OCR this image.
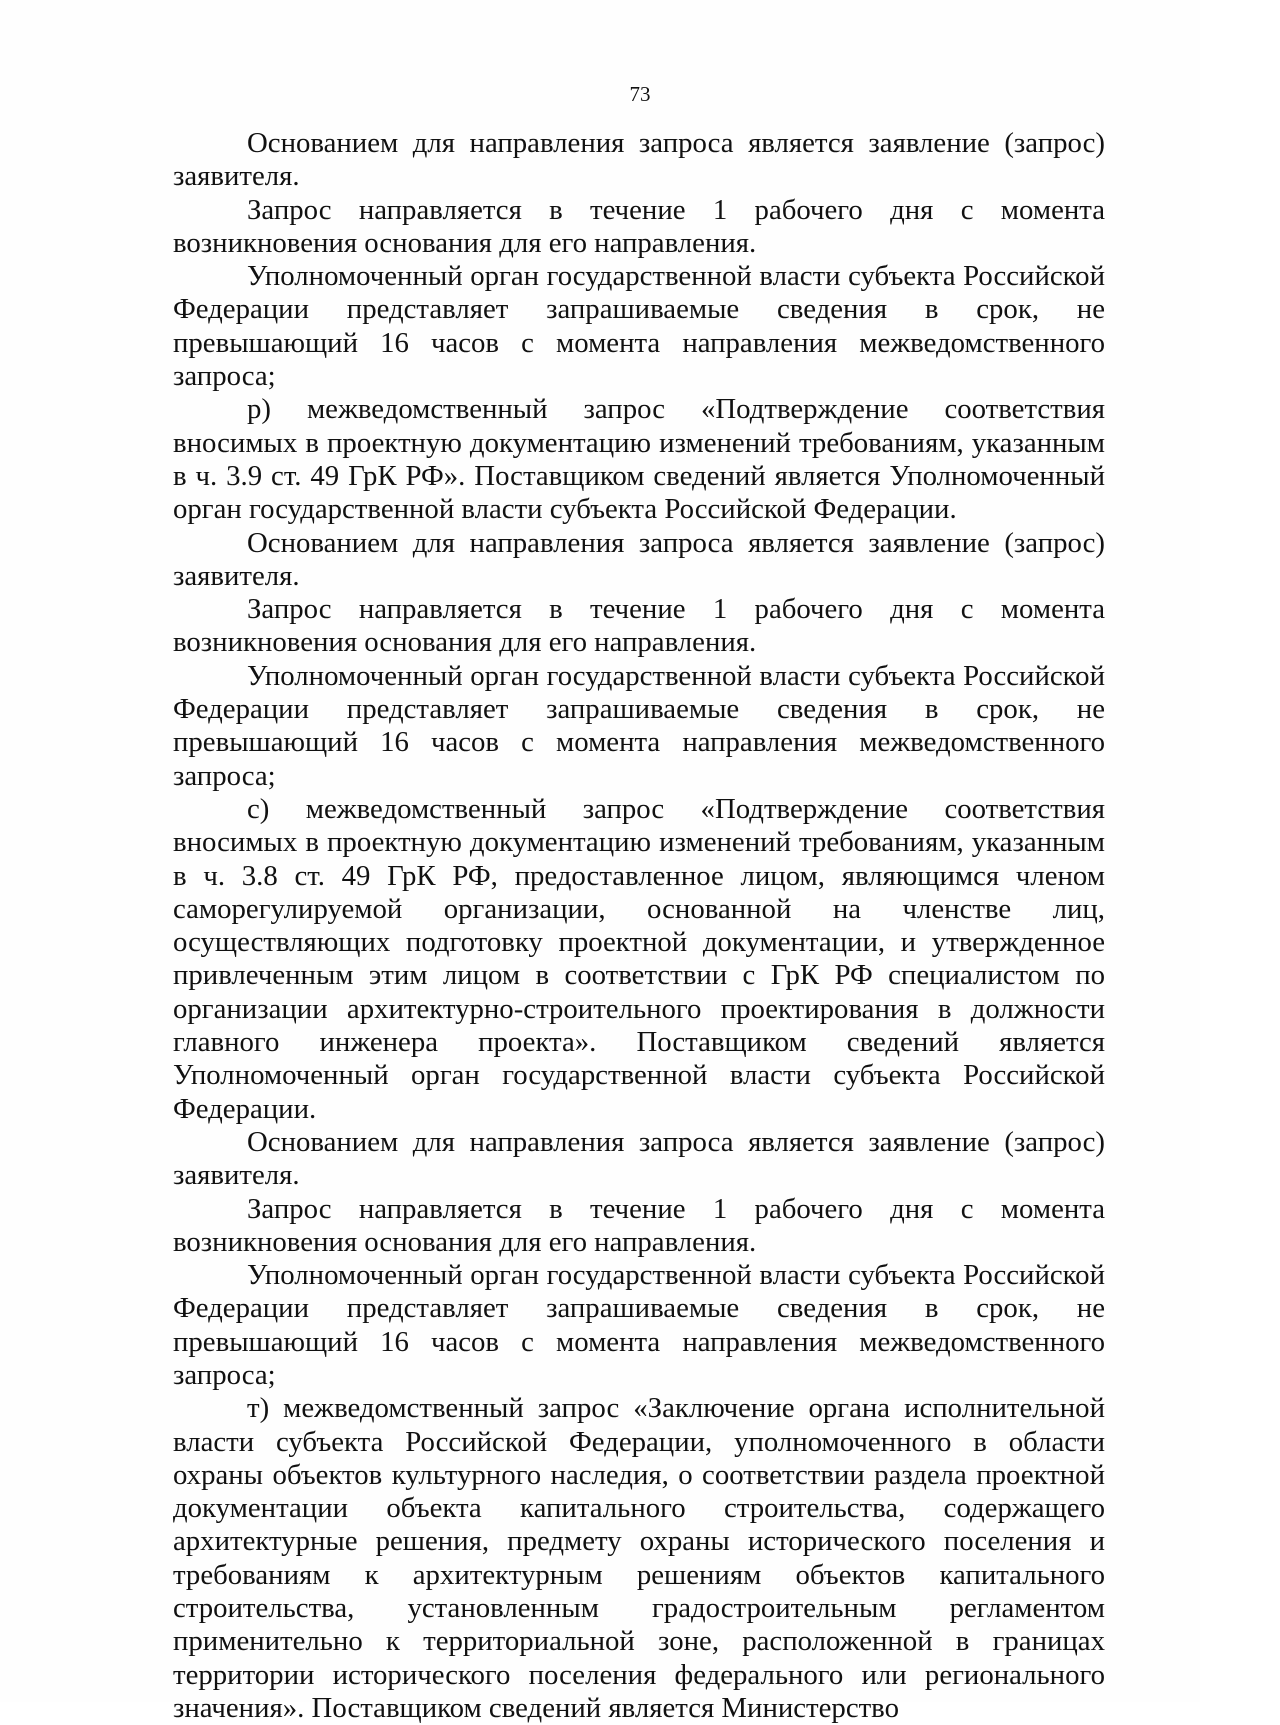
73

Основанием для направления запроса является заявление (запрос) заявителя.

Запрос направляется в течение 1 рабочего дня с момента возникновения основания для его направления.

Уполномоченный орган государственной власти субъекта Российской Федерации представляет запрашиваемые сведения в срок, не превышающий 16 часов с момента направления межведомственного запроса;

р) межведомственный запрос «Подтверждение соответствия вносимых в проектную документацию изменений требованиям, указанным в ч. 3.9 ст. 49 ГрК РФ». Поставщиком сведений является Уполномоченный орган государственной власти субъекта Российской Федерации.

Основанием для направления запроса является заявление (запрос) заявителя.

Запрос направляется в течение 1 рабочего дня с момента возникновения основания для его направления.

Уполномоченный орган государственной власти субъекта Российской Федерации представляет запрашиваемые сведения в срок, не превышающий 16 часов с момента направления межведомственного запроса;

с) межведомственный запрос «Подтверждение соответствия вносимых в проектную документацию изменений требованиям, указанным в ч. 3.8 ст. 49 ГрК РФ, предоставленное лицом, являющимся членом саморегулируемой организации, основанной на членстве лиц, осуществляющих подготовку проектной документации, и утвержденное привлеченным этим лицом в соответствии с ГрК РФ специалистом по организации архитектурно-строительного проектирования в должности главного инженера проекта». Поставщиком сведений является Уполномоченный орган государственной власти субъекта Российской Федерации.

Основанием для направления запроса является заявление (запрос) заявителя.

Запрос направляется в течение 1 рабочего дня с момента возникновения основания для его направления.

Уполномоченный орган государственной власти субъекта Российской Федерации представляет запрашиваемые сведения в срок, не превышающий 16 часов с момента направления межведомственного запроса;

т) межведомственный запрос «Заключение органа исполнительной власти субъекта Российской Федерации, уполномоченного в области охраны объектов культурного наследия, о соответствии раздела проектной документации объекта капитального строительства, содержащего архитектурные решения, предмету охраны исторического поселения и требованиям к архитектурным решениям объектов капитального строительства, установленным градостроительным регламентом применительно к территориальной зоне, расположенной в границах территории исторического поселения федерального или регионального значения». Поставщиком сведений является Министерство
